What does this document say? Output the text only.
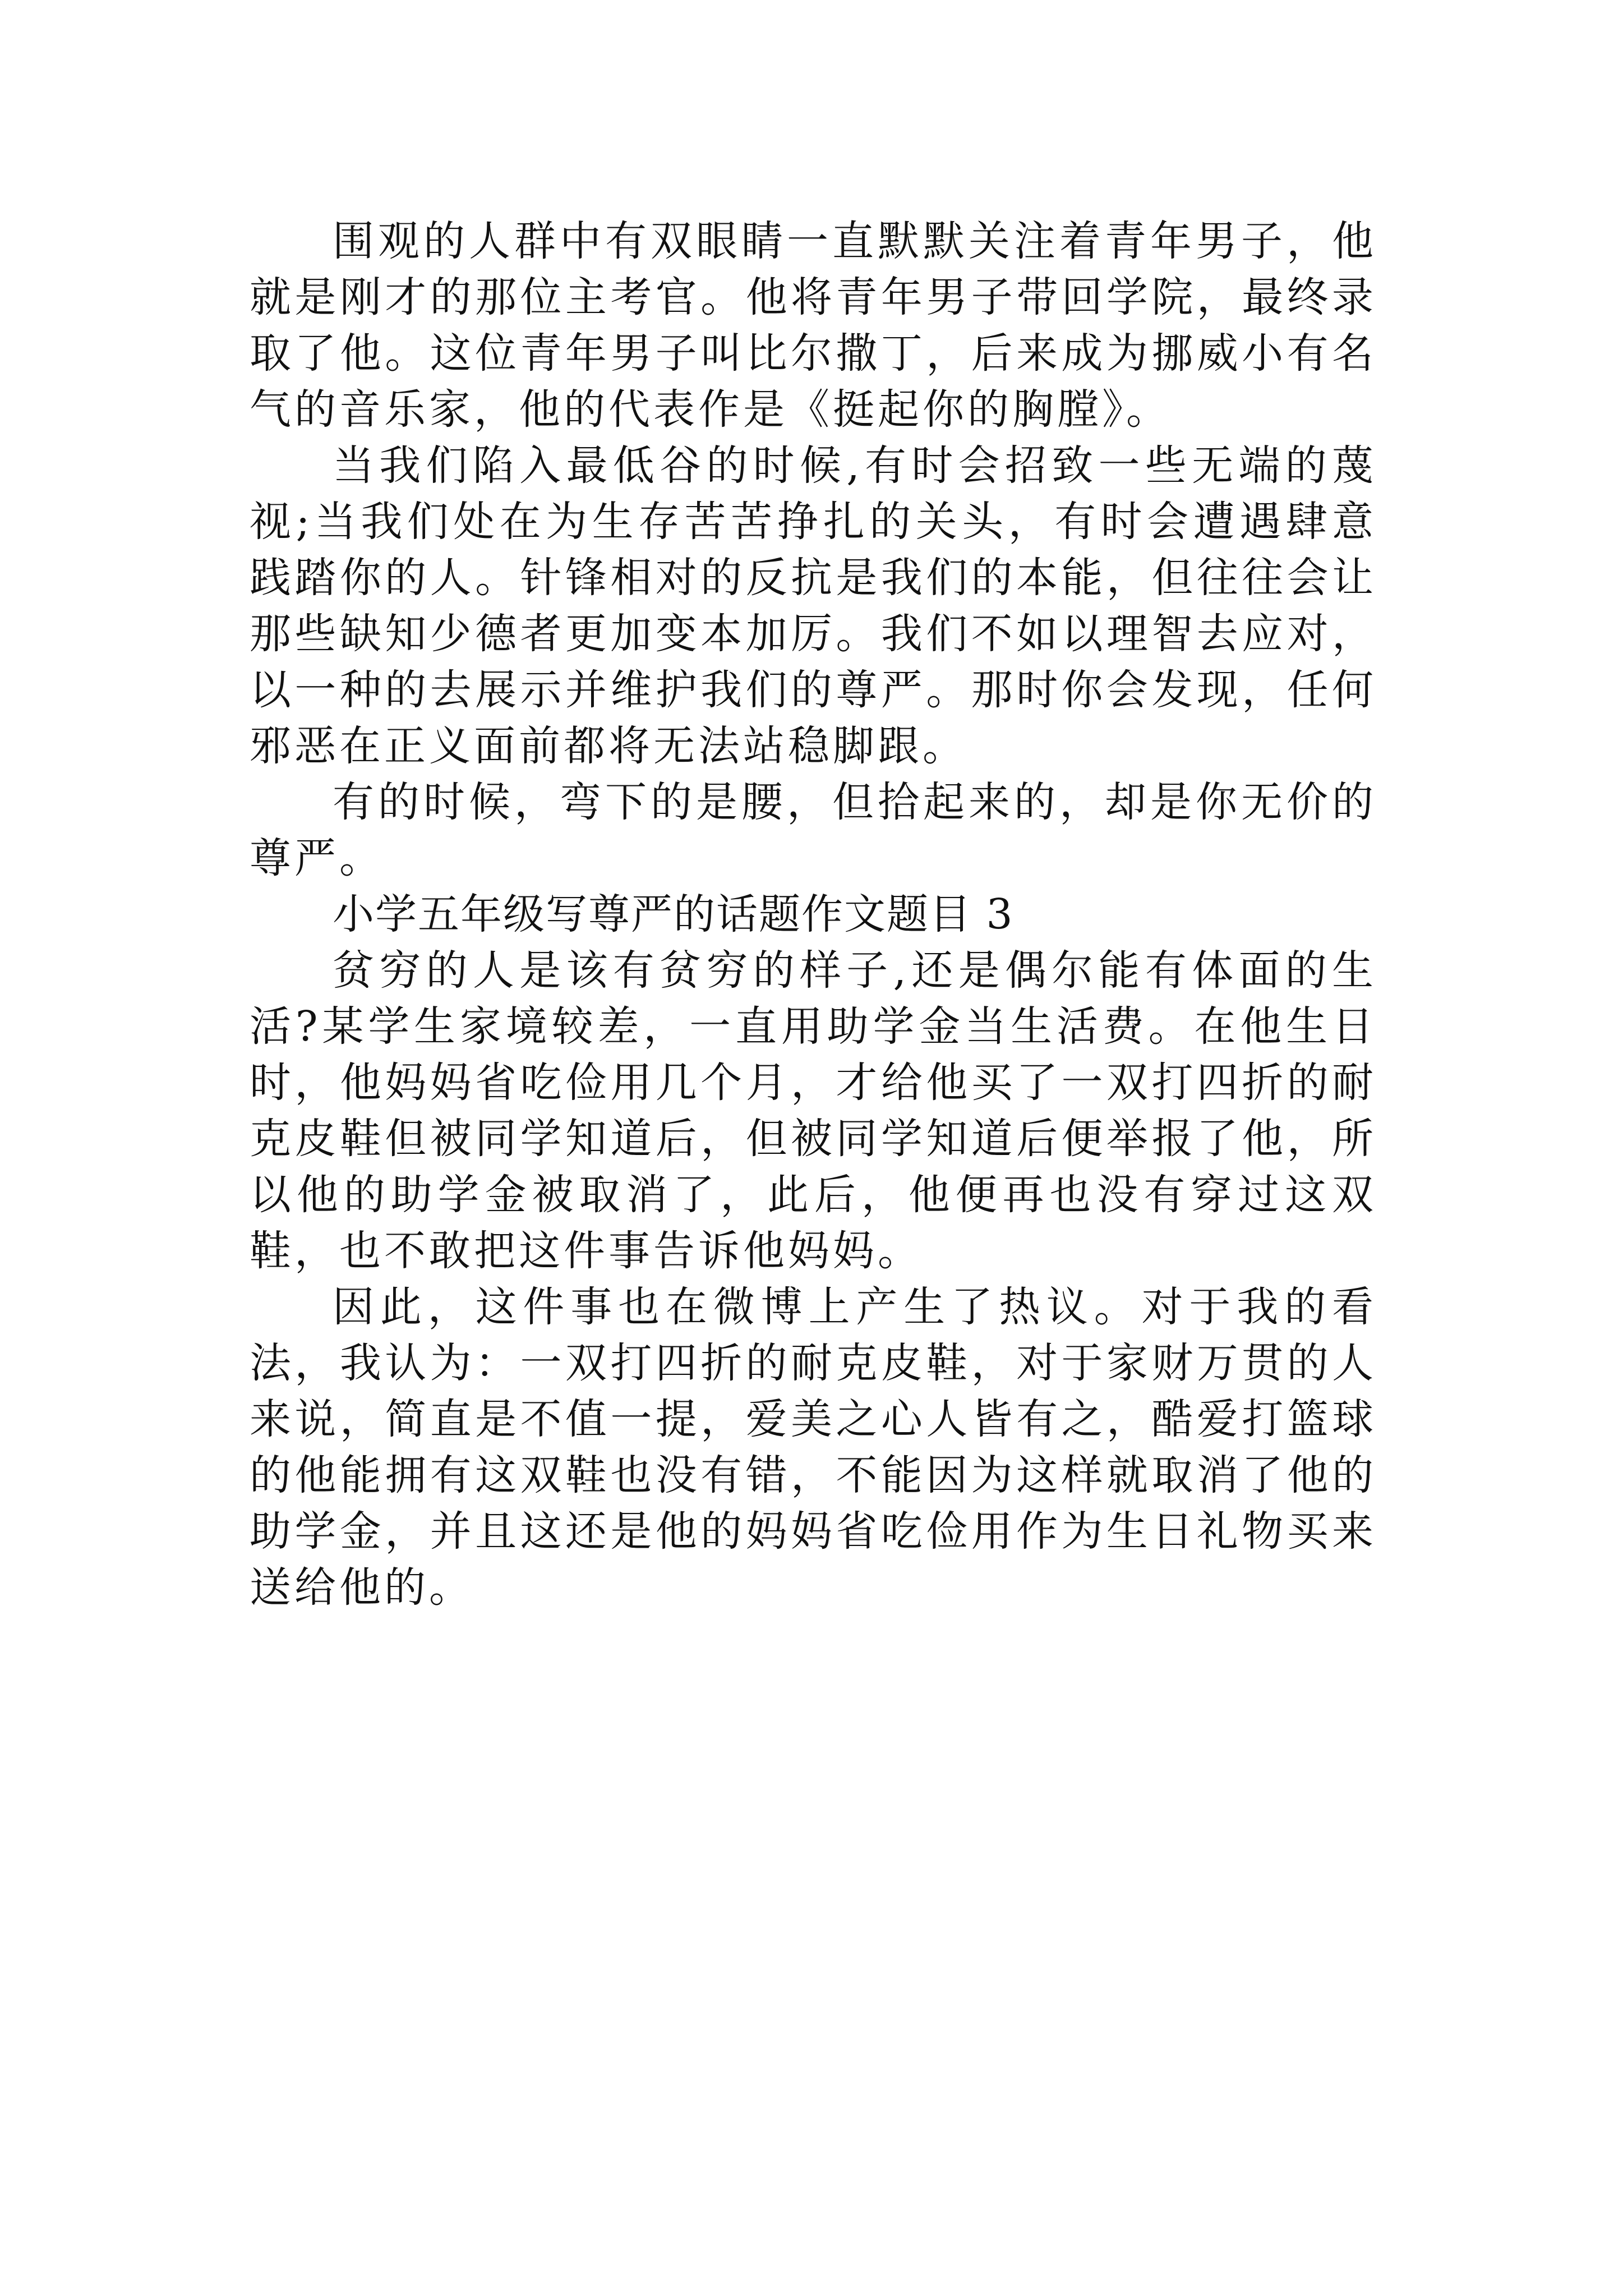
围观的人群中有双眼睛一直默默关注着青年男子，他就是刚才的那位主考官。他将青年男子带回学院，最终录取了他。这位青年男子叫比尔撒丁，后来成为挪威小有名气的音乐家，他的代表作是《挺起你的胸膛》。

当我们陷入最低谷的时候,有时会招致一些无端的蔑视;当我们处在为生存苦苦挣扎的关头，有时会遭遇肆意践踏你的人。针锋相对的反抗是我们的本能，但往往会让那些缺知少德者更加变本加厉。我们不如以理智去应对，以一种的去展示并维护我们的尊严。那时你会发现，任何邪恶在正义面前都将无法站稳脚跟。

有的时候，弯下的是腰，但拾起来的，却是你无价的尊严。

小学五年级写尊严的话题作文题目 3

贫穷的人是该有贫穷的样子,还是偶尔能有体面的生活?某学生家境较差，一直用助学金当生活费。在他生日时，他妈妈省吃俭用几个月，才给他买了一双打四折的耐克皮鞋但被同学知道后，但被同学知道后便举报了他，所以他的助学金被取消了，此后，他便再也没有穿过这双鞋，也不敢把这件事告诉他妈妈。

因此，这件事也在微博上产生了热议。对于我的看法，我认为：一双打四折的耐克皮鞋，对于家财万贯的人来说，简直是不值一提，爱美之心人皆有之，酷爱打篮球的他能拥有这双鞋也没有错，不能因为这样就取消了他的助学金，并且这还是他的妈妈省吃俭用作为生日礼物买来送给他的。
